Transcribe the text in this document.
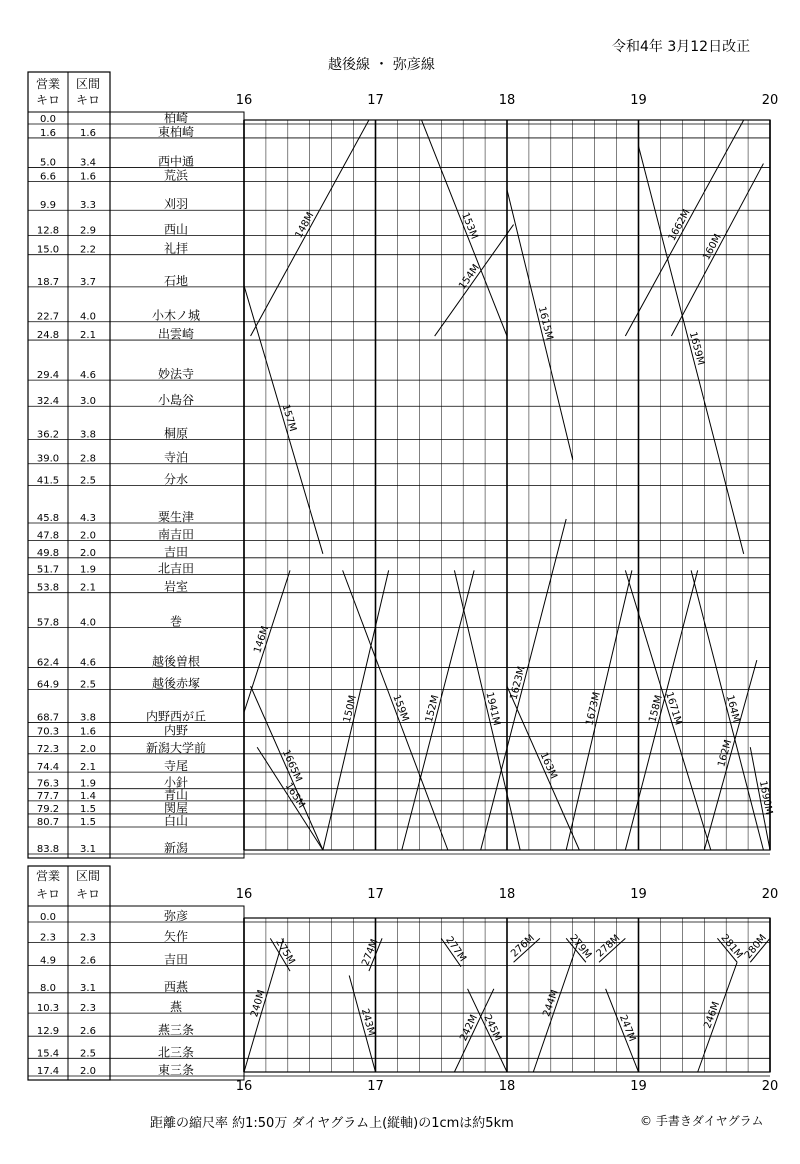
営業
キロ
区間
キロ
営業
キロ
区間
キロ
0.0	柏崎
1.6 1.6	東柏崎
5.0 3.4	西中通
6.6 1.6	荒浜
9.9 3.3	刈羽
12.8 2.9	西山
15.0 2.2	礼拝
18.7 3.7	石地
22.7 4.0	小木ノ城
24.8 2.1	出雲崎
29.4 4.6	妙法寺
32.4 3.0	小島谷
36.2 3.8	桐原
39.0 2.8	寺泊
41.5 2.5	分水
45.8 4.3	粟生津
47.8 2.0	南吉田
49.8 2.0	吉田
51.7 1.9	北吉田
53.8 2.1	岩室
57.8 4.0	巻
62.4 4.6	越後曽根
64.9 2.5	越後赤塚
68.7 3.8	内野西が丘
70.3 1.6	内野
72.3 2.0	新潟大学前
74.4 2.1	寺尾
76.3 1.9	小針
77.7 1.4	青山
79.2 1.5	関屋
80.7 1.5	白山
83.8 3.1	新潟
0.0	弥彦
2.3 2.3	矢作
4.9 2.6	吉田
8.0 3.1	西燕
10.3 2.3	燕
12.9 2.6	燕三条
15.4 2.5	北三条
17.4 2.0	東三条
16	17	18	19	20
16
16
17
17
18
18
19
19
20
20
148M
154M
1662M
160M
157M
153M
1615M
1659M
146M
150M
1665M
159M 152M	1941M
1623M
163M
1673M	158M
1671M
162M
164M
1690M
165M
240M
275M
243M
274M	277M
242M 245M
276M
244M
279M
247M
278M	281M
246M
280M
令和4年 3月12日改正
越後線 ・ 弥彦線
距離の縮尺率 約1:50万 ダイヤグラム上(縦軸)の1cmは約5km	© 手書きダイヤグラム
